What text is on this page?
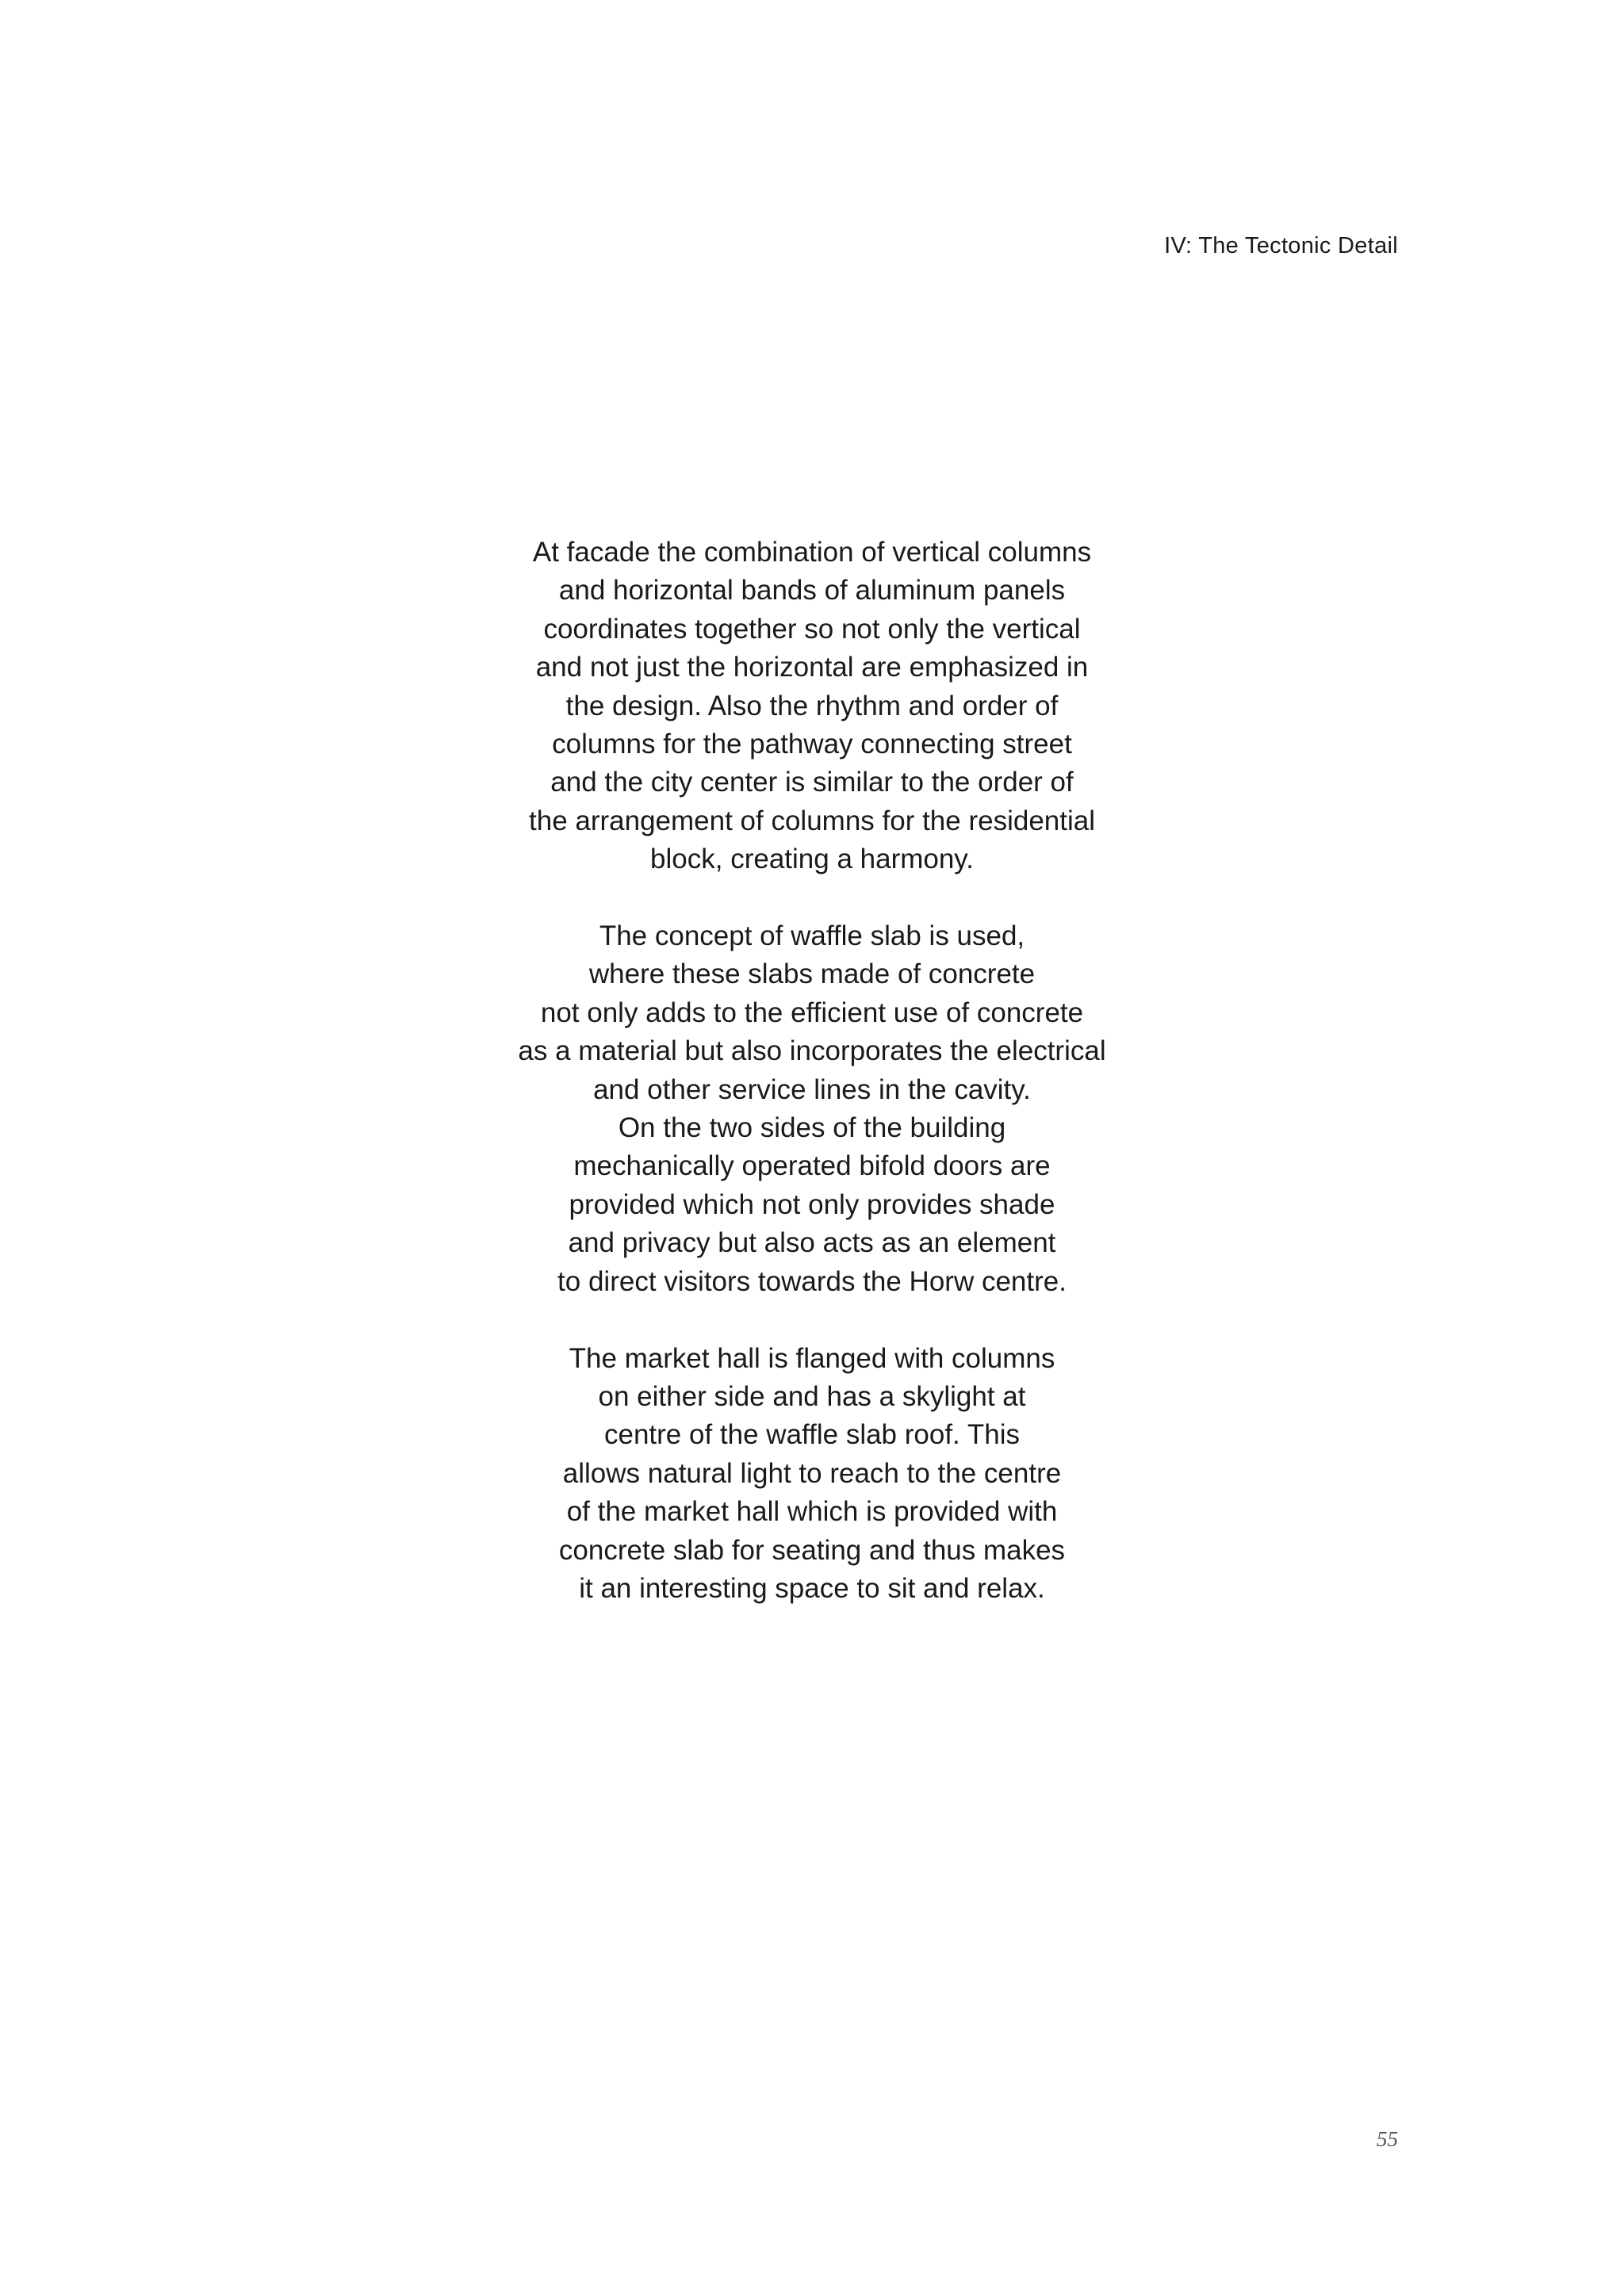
IV: The Tectonic Detail

At facade the combination of vertical columns
and horizontal bands of aluminum panels
coordinates together so not only the vertical
and not just the horizontal are emphasized in
the design. Also the rhythm and order of
columns for the pathway connecting street
and the city center is similar to the order of
the arrangement of columns for the residential
block, creating a harmony.

The concept of waffle slab is used,
where these slabs made of concrete
not only adds to the efficient use of concrete
as a material but also incorporates the electrical
and other service lines in the cavity.
On the two sides of the building
mechanically operated bifold doors are
provided which not only provides shade
and privacy but also acts as an element
to direct visitors towards the Horw centre.

The market hall is flanged with columns
on either side and has a skylight at
centre of the waffle slab roof. This
allows natural light to reach to the centre
of the market hall which is provided with
concrete slab for seating and thus makes
it an interesting space to sit and relax.

55
